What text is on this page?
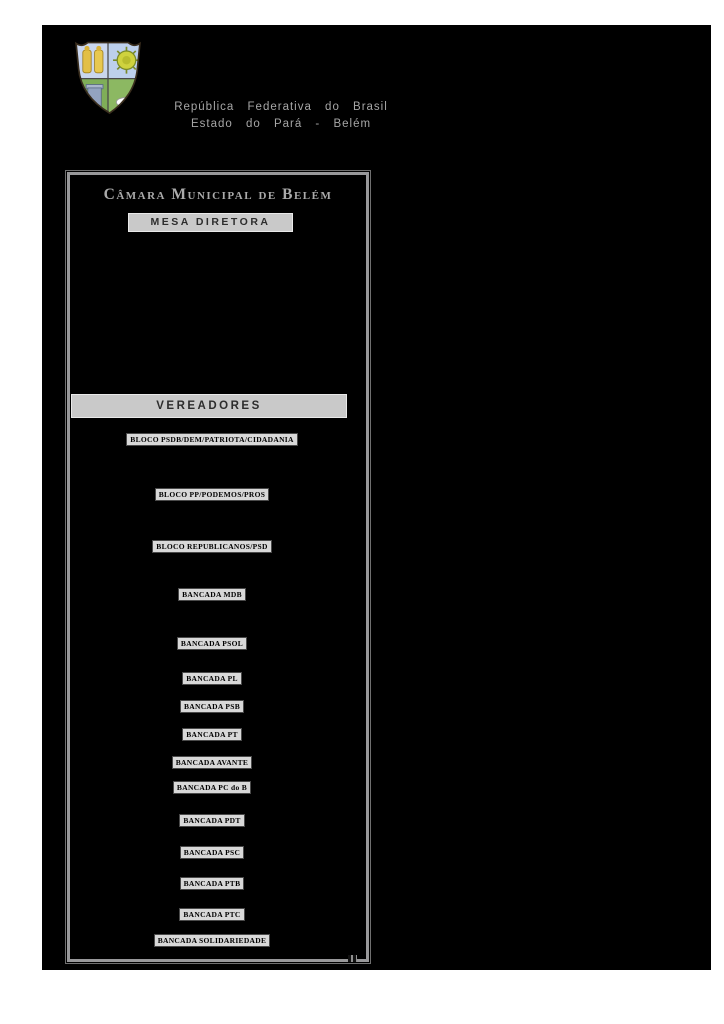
República Federativa do Brasil
Estado do Pará - Belém
Câmara Municipal de Belém
MESA DIRETORA
VEREADORES
BLOCO PSDB/DEM/PATRIOTA/CIDADANIA
BLOCO PP/PODEMOS/PROS
BLOCO REPUBLICANOS/PSD
BANCADA MDB
BANCADA PSOL
BANCADA PL
BANCADA PSB
BANCADA PT
BANCADA AVANTE
BANCADA PC do B
BANCADA PDT
BANCADA PSC
BANCADA PTB
BANCADA PTC
BANCADA SOLIDARIEDADE
